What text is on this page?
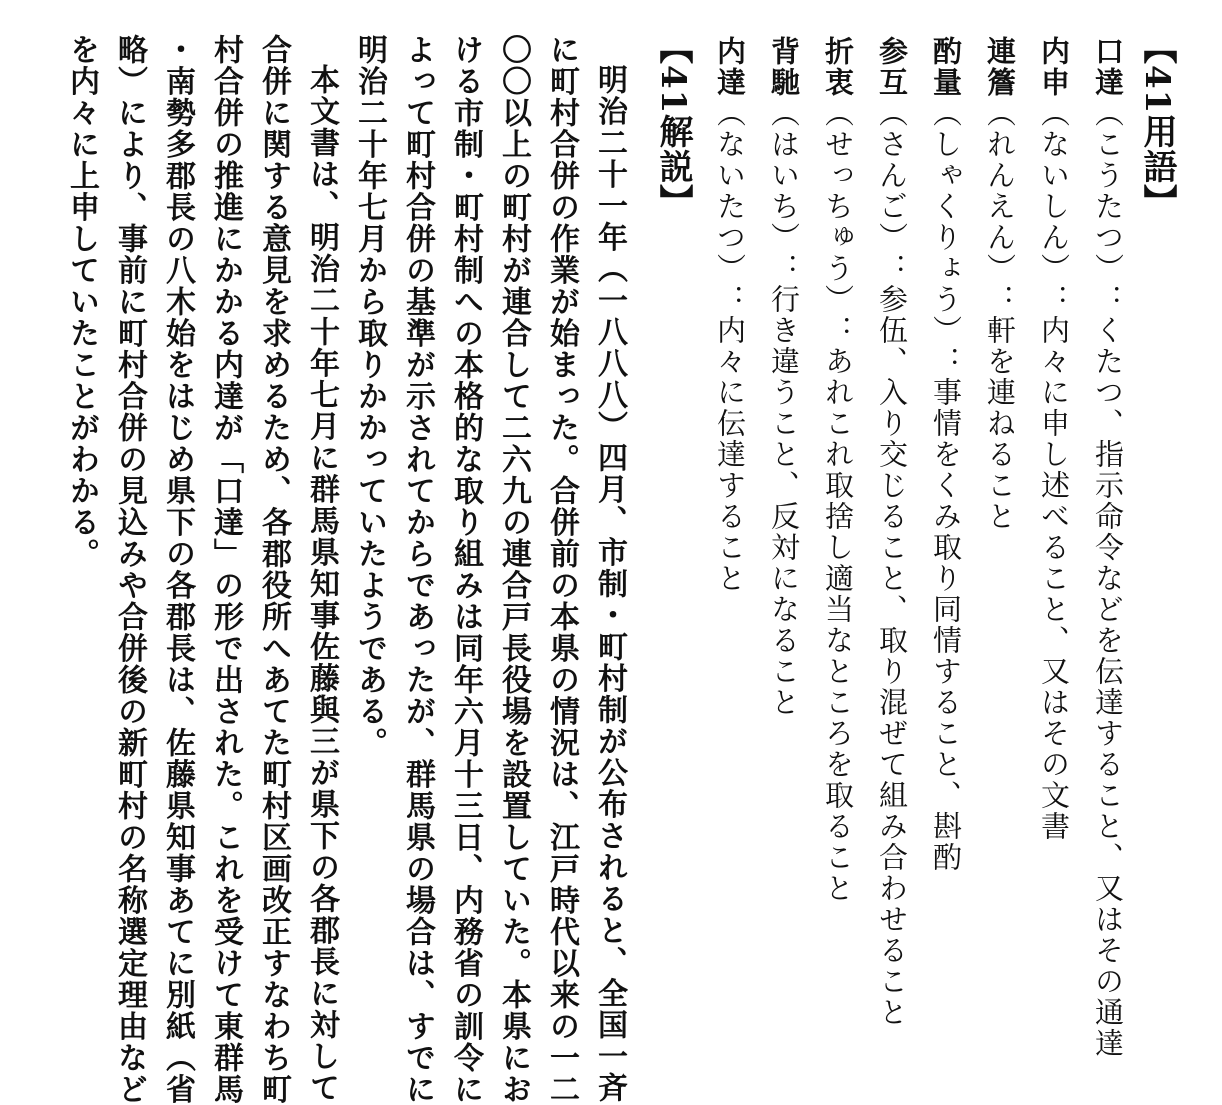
【41用語】
口達（こうたつ）：くたつ、指示命令などを伝達すること、又はその通達
内申（ないしん）：内々に申し述べること、又はその文書
連簷（れんえん）：軒を連ねること
酌量（しゃくりょう）：事情をくみ取り同情すること、斟酌
参互（さんご）：参伍、入り交じること、取り混ぜて組み合わせること
折衷（せっちゅう）：あれこれ取捨し適当なところを取ること
背馳（はいち）：行き違うこと、反対になること
内達（ないたつ）：内々に伝達すること
【41解説】
明治二十一年（一八八八）四月、市制・町村制が公布されると、全国一斉
に町村合併の作業が始まった。合併前の本県の情況は、江戸時代以来の一二
〇〇以上の町村が連合して二六九の連合戸長役場を設置していた。本県にお
ける市制・町村制への本格的な取り組みは同年六月十三日、内務省の訓令に
よって町村合併の基準が示されてからであったが、群馬県の場合は、すでに
明治二十年七月から取りかかっていたようである。
本文書は、明治二十年七月に群馬県知事佐藤與三が県下の各郡長に対して
合併に関する意見を求めるため、各郡役所へあてた町村区画改正すなわち町
村合併の推進にかかる内達が「口達」の形で出された。これを受けて東群馬
・南勢多郡長の八木始をはじめ県下の各郡長は、佐藤県知事あてに別紙（省
略）により、事前に町村合併の見込みや合併後の新町村の名称選定理由など
を内々に上申していたことがわかる。
